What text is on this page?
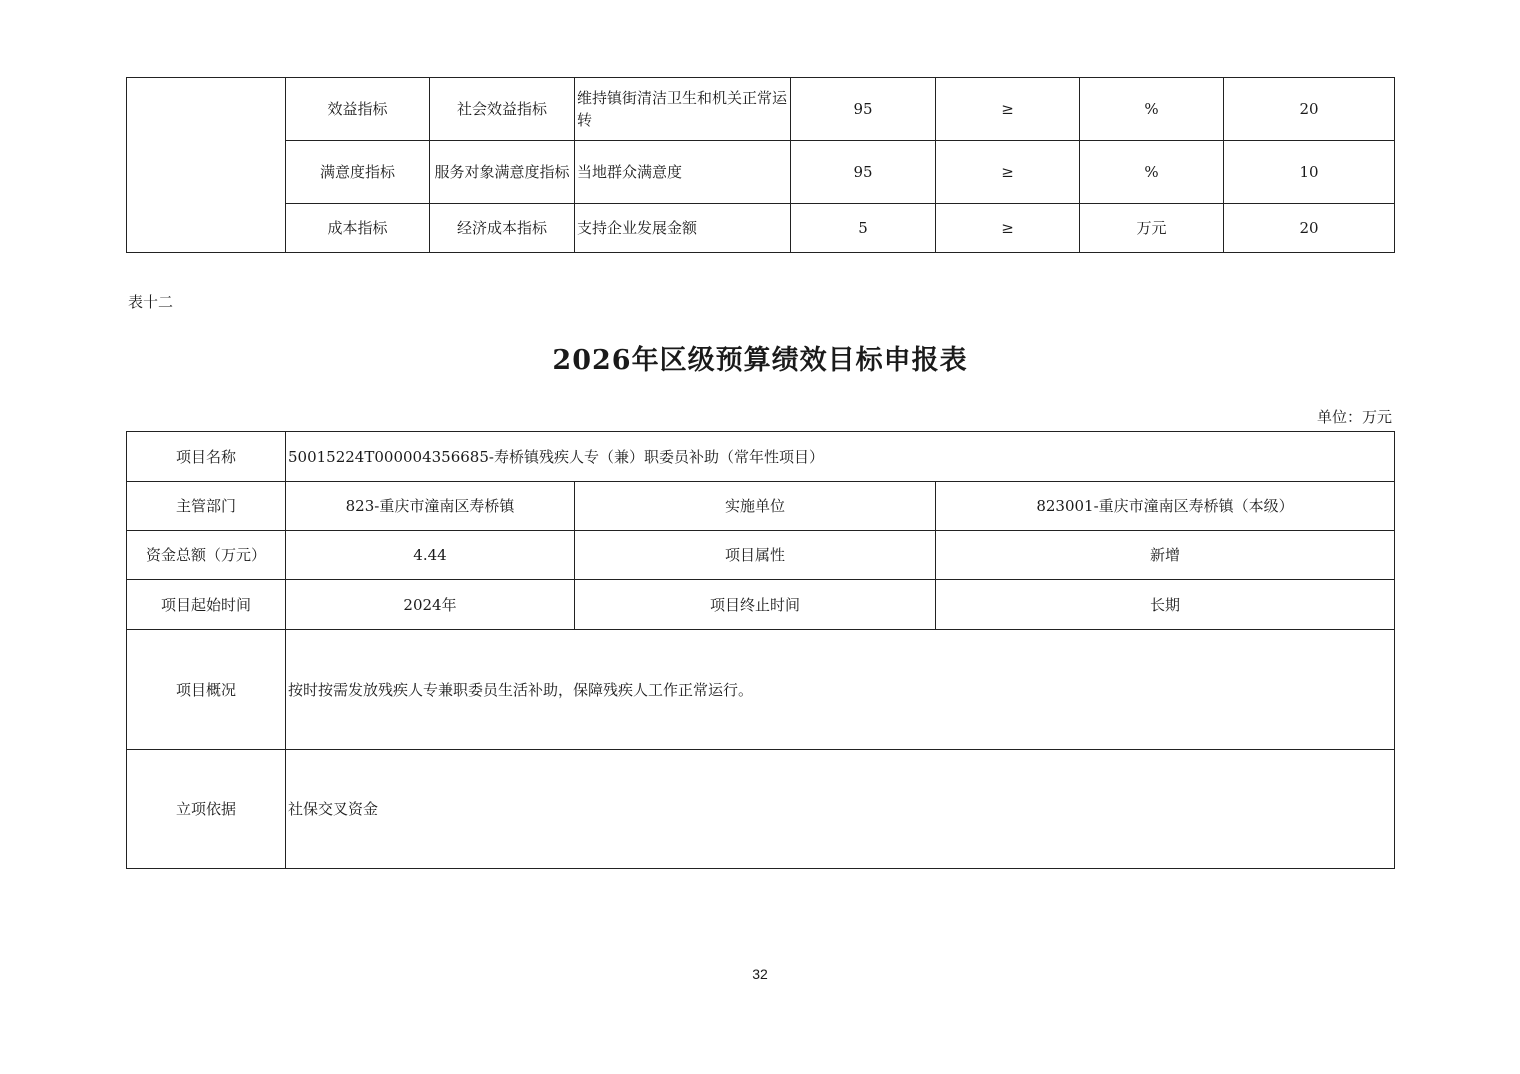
	效益指标	社会效益指标	维持镇街清洁卫生和机关正常运转	95	≥	%	20
	满意度指标	服务对象满意度指标	当地群众满意度	95	≥	%	10
	成本指标	经济成本指标	支持企业发展金额	5	≥	万元	20
表十二
2026年区级预算绩效目标申报表
单位：万元
项目名称	50015224T000004356685-寿桥镇残疾人专（兼）职委员补助（常年性项目）		
主管部门	823-重庆市潼南区寿桥镇	实施单位	823001-重庆市潼南区寿桥镇（本级）
资金总额（万元）	4.44	项目属性	新增
项目起始时间	2024年	项目终止时间	长期
项目概况	按时按需发放残疾人专兼职委员生活补助，保障残疾人工作正常运行。		
立项依据	社保交叉资金		
32
